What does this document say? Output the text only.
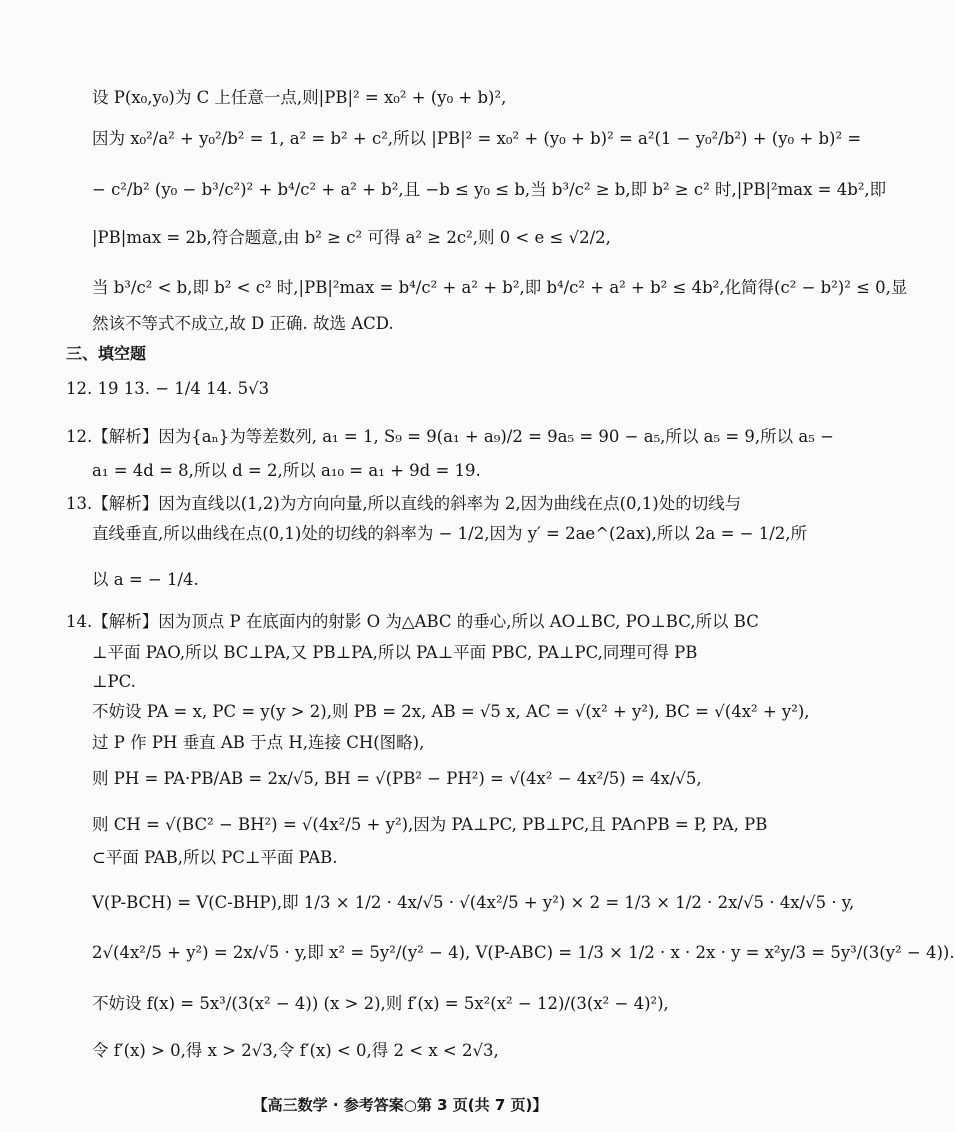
设 P(x₀,y₀)为 C 上任意一点,则|PB|² = x₀² + (y₀ + b)²,
因为 x₀²/a² + y₀²/b² = 1, a² = b² + c²,所以 |PB|² = x₀² + (y₀ + b)² = a²(1 − y₀²/b²) + (y₀ + b)² =
− c²/b² (y₀ − b³/c²)² + b⁴/c² + a² + b²,且 −b ≤ y₀ ≤ b,当 b³/c² ≥ b,即 b² ≥ c² 时,|PB|²max = 4b²,即
|PB|max = 2b,符合题意,由 b² ≥ c² 可得 a² ≥ 2c²,则 0 < e ≤ √2/2,
当 b³/c² < b,即 b² < c² 时,|PB|²max = b⁴/c² + a² + b²,即 b⁴/c² + a² + b² ≤ 4b²,化简得(c² − b²)² ≤ 0,显
然该不等式不成立,故 D 正确. 故选 ACD.
三、填空题
12. 19 13. − 1/4 14. 5√3
12.【解析】因为{aₙ}为等差数列, a₁ = 1, S₉ = 9(a₁ + a₉)/2 = 9a₅ = 90 − a₅,所以 a₅ = 9,所以 a₅ −
a₁ = 4d = 8,所以 d = 2,所以 a₁₀ = a₁ + 9d = 19.
13.【解析】因为直线以(1,2)为方向向量,所以直线的斜率为 2,因为曲线在点(0,1)处的切线与
直线垂直,所以曲线在点(0,1)处的切线的斜率为 − 1/2,因为 y′ = 2ae^(2ax),所以 2a = − 1/2,所
以 a = − 1/4.
14.【解析】因为顶点 P 在底面内的射影 O 为△ABC 的垂心,所以 AO⊥BC, PO⊥BC,所以 BC
⊥平面 PAO,所以 BC⊥PA,又 PB⊥PA,所以 PA⊥平面 PBC, PA⊥PC,同理可得 PB
⊥PC.
不妨设 PA = x, PC = y(y > 2),则 PB = 2x, AB = √5 x, AC = √(x² + y²), BC = √(4x² + y²),
过 P 作 PH 垂直 AB 于点 H,连接 CH(图略),
则 PH = PA·PB/AB = 2x/√5, BH = √(PB² − PH²) = √(4x² − 4x²/5) = 4x/√5,
则 CH = √(BC² − BH²) = √(4x²/5 + y²),因为 PA⊥PC, PB⊥PC,且 PA∩PB = P, PA, PB
⊂平面 PAB,所以 PC⊥平面 PAB.
V(P-BCH) = V(C-BHP),即 1/3 × 1/2 · 4x/√5 · √(4x²/5 + y²) × 2 = 1/3 × 1/2 · 2x/√5 · 4x/√5 · y,
2√(4x²/5 + y²) = 2x/√5 · y,即 x² = 5y²/(y² − 4), V(P-ABC) = 1/3 × 1/2 · x · 2x · y = x²y/3 = 5y³/(3(y² − 4)).
不妨设 f(x) = 5x³/(3(x² − 4)) (x > 2),则 f′(x) = 5x²(x² − 12)/(3(x² − 4)²),
令 f′(x) > 0,得 x > 2√3,令 f′(x) < 0,得 2 < x < 2√3,
【高三数学 · 参考答案○第 3 页(共 7 页)】
